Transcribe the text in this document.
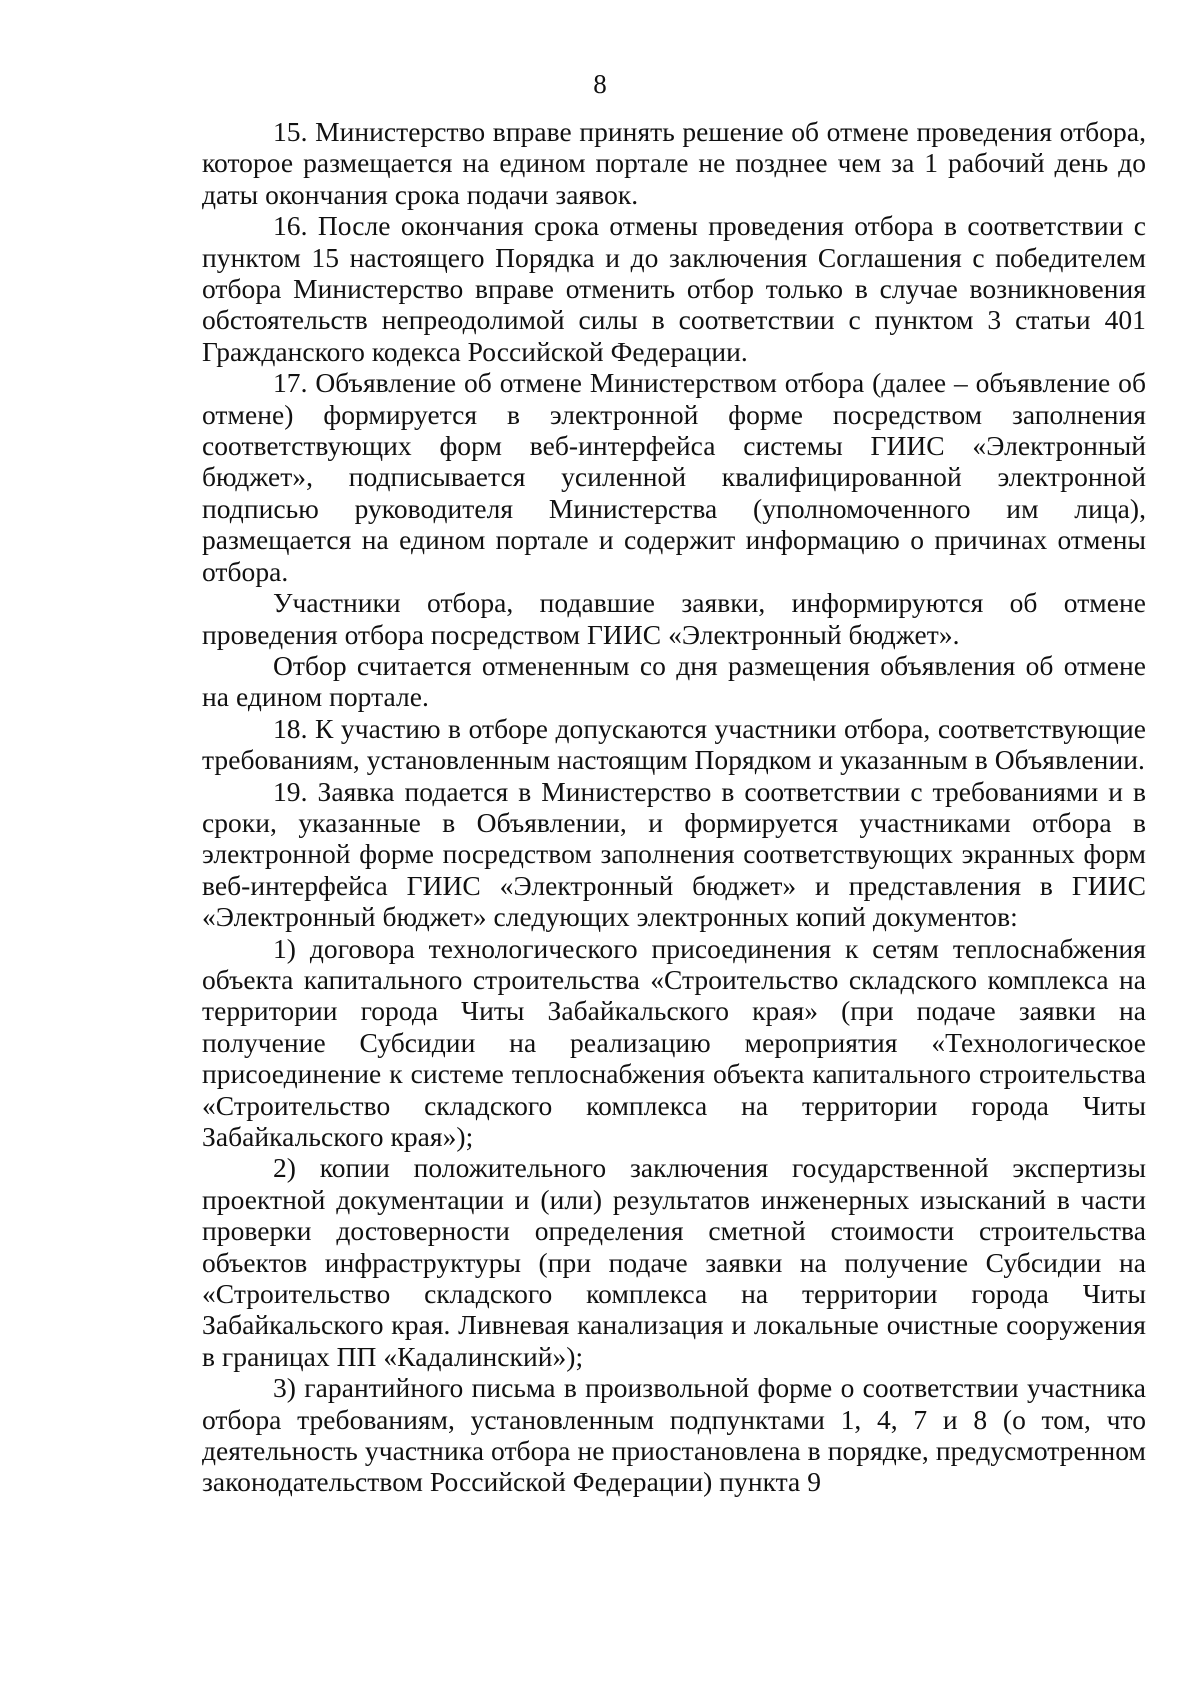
8

15. Министерство вправе принять решение об отмене проведения отбора, которое размещается на едином портале не позднее чем за 1 рабочий день до даты окончания срока подачи заявок.

16. После окончания срока отмены проведения отбора в соответствии с пунктом 15 настоящего Порядка и до заключения Соглашения с победителем отбора Министерство вправе отменить отбор только в случае возникновения обстоятельств непреодолимой силы в соответствии с пунктом 3 статьи 401 Гражданского кодекса Российской Федерации.

17. Объявление об отмене Министерством отбора (далее – объявление об отмене) формируется в электронной форме посредством заполнения соответствующих форм веб-интерфейса системы ГИИС «Электронный бюджет», подписывается усиленной квалифицированной электронной подписью руководителя Министерства (уполномоченного им лица), размещается на едином портале и содержит информацию о причинах отмены отбора.

Участники отбора, подавшие заявки, информируются об отмене проведения отбора посредством ГИИС «Электронный бюджет».

Отбор считается отмененным со дня размещения объявления об отмене на едином портале.

18. К участию в отборе допускаются участники отбора, соответствующие требованиям, установленным настоящим Порядком и указанным в Объявлении.

19. Заявка подается в Министерство в соответствии с требованиями и в сроки, указанные в Объявлении, и формируется участниками отбора в электронной форме посредством заполнения соответствующих экранных форм веб-интерфейса ГИИС «Электронный бюджет» и представления в ГИИС «Электронный бюджет» следующих электронных копий документов:

1) договора технологического присоединения к сетям теплоснабжения объекта капитального строительства «Строительство складского комплекса на территории города Читы Забайкальского края» (при подаче заявки на получение Субсидии на реализацию мероприятия «Технологическое присоединение к системе теплоснабжения объекта капитального строительства «Строительство складского комплекса на территории города Читы Забайкальского края»);

2) копии положительного заключения государственной экспертизы проектной документации и (или) результатов инженерных изысканий в части проверки достоверности определения сметной стоимости строительства объектов инфраструктуры (при подаче заявки на получение Субсидии на «Строительство складского комплекса на территории города Читы Забайкальского края. Ливневая канализация и локальные очистные сооружения в границах ПП «Кадалинский»);

3) гарантийного письма в произвольной форме о соответствии участника отбора требованиям, установленным подпунктами 1, 4, 7 и 8 (о том, что деятельность участника отбора не приостановлена в порядке, предусмотренном законодательством Российской Федерации) пункта 9
